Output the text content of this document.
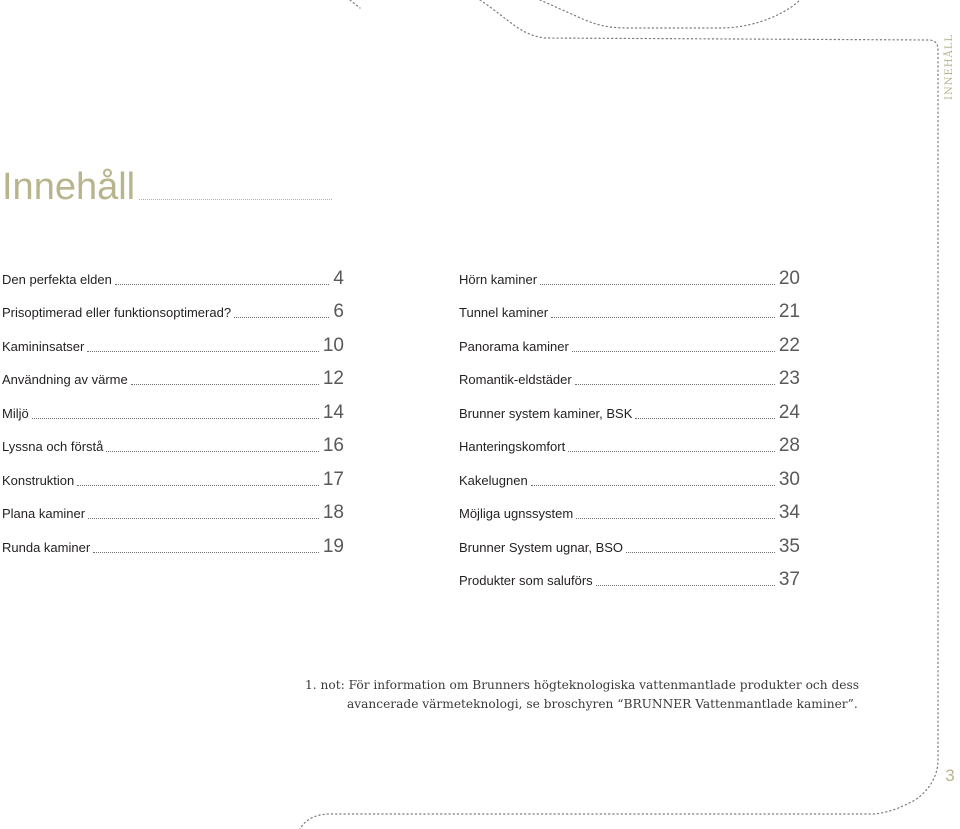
INNEHÅLL
Innehåll
Den perfekta elden	4
Prisoptimerad eller funktionsoptimerad?	6
Kamininsatser	10
Användning av värme	12
Miljö	14
Lyssna och förstå	16
Konstruktion	17
Plana kaminer	18
Runda kaminer	19
Hörn kaminer	20
Tunnel kaminer	21
Panorama kaminer	22
Romantik-eldstäder	23
Brunner system kaminer, BSK	24
Hanteringskomfort	28
Kakelugnen	30
Möjliga ugnssystem	34
Brunner System ugnar, BSO	35
Produkter som saluförs	37
1. not: För information om Brunners högteknologiska vattenmantlade produkter och dess
avancerade värmeteknologi, se broschyren “BRUNNER Vattenmantlade kaminer”.
3
